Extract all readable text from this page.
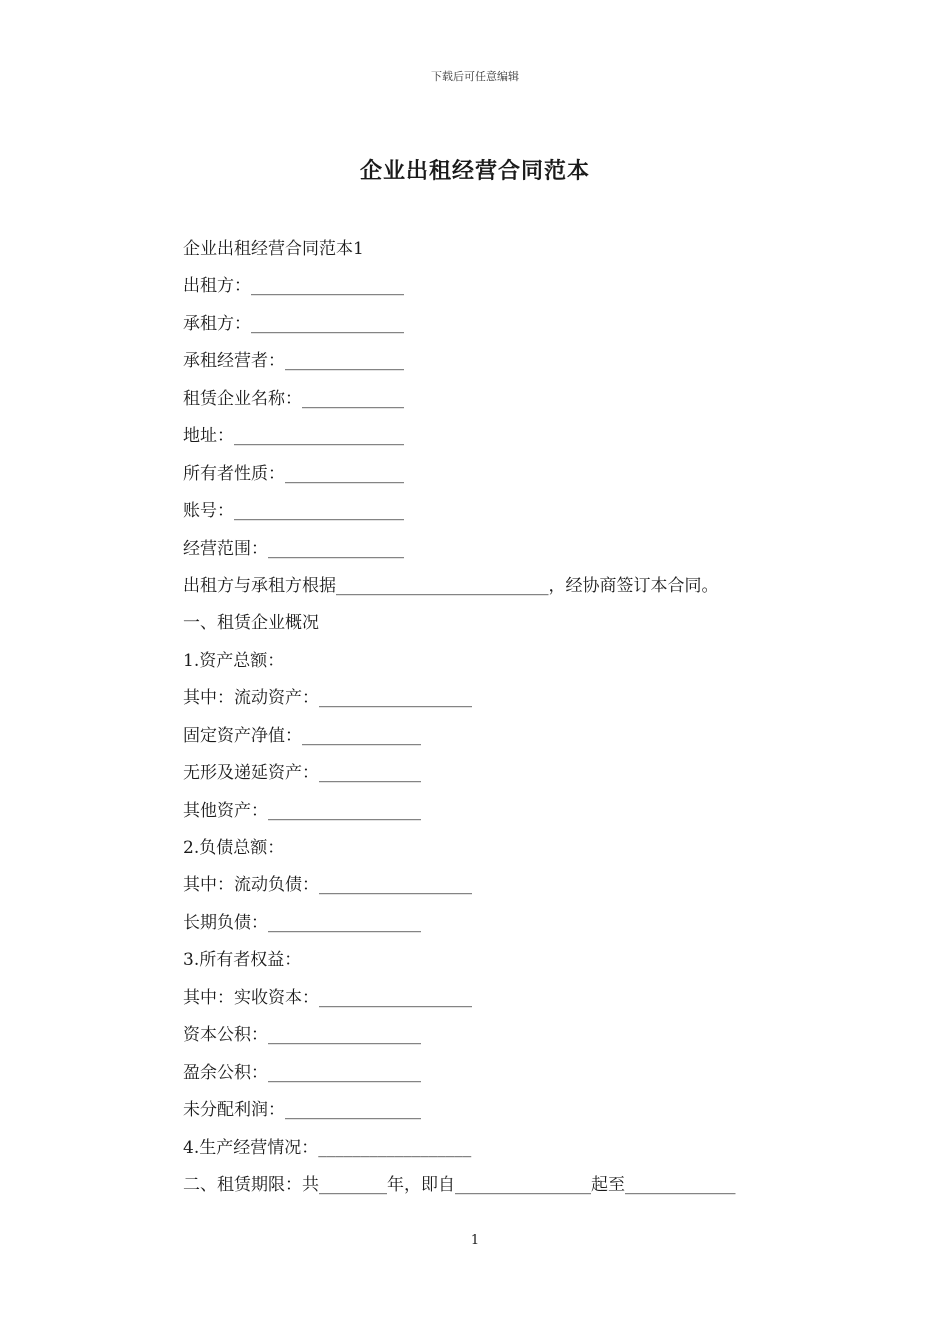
下载后可任意编辑
企业出租经营合同范本
企业出租经营合同范本1
出租方：__________________
承租方：__________________
承租经营者：______________
租赁企业名称：____________
地址：____________________
所有者性质：______________
账号：____________________
经营范围：________________
出租方与承租方根据_________________________，经协商签订本合同。
一、租赁企业概况
1.资产总额：
其中：流动资产：__________________
固定资产净值：______________
无形及递延资产：____________
其他资产：__________________
2.负债总额：
其中：流动负债：__________________
长期负债：__________________
3.所有者权益：
其中：实收资本：__________________
资本公积：__________________
盈余公积：__________________
未分配利润：________________
4.生产经营情况：__________________
二、租赁期限：共________年，即自________________起至_____________
1
